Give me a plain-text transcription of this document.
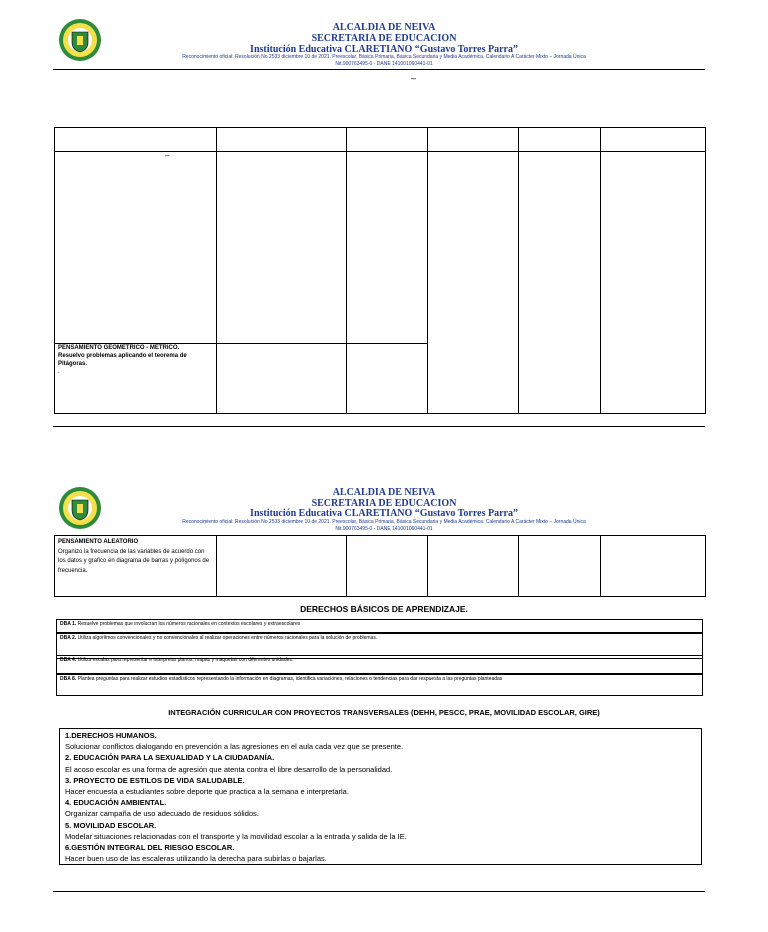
ALCALDIA DE NEIVA
SECRETARIA DE EDUCACION
Institución Educativa CLARETIANO “Gustavo Torres Parra”
Reconocimiento oficial: Resolución No.2533 diciembre 10 de 2021. Preescolar, Básica Primaria, Básica Secundaria y Media Académica. Calendario A Carácter Mixto – Jornada Única
Nit.900763495-0 - DANE 141001060441-01
–

–					

PENSAMIENTO GEOMETRICO - METRICO.
Resuelvo problemas aplicando el teorema de Pitágoras.
.					

ALCALDIA DE NEIVA
SECRETARIA DE EDUCACION
Institución Educativa CLARETIANO “Gustavo Torres Parra”
Reconocimiento oficial: Resolución No.2533 diciembre 10 de 2021. Preescolar, Básica Primaria, Básica Secundaria y Media Académica. Calendario A Carácter Mixto – Jornada Única
Nit.900763495-0 - DANE 141001060441-01
PENSAMIENTO ALEATORIO
Organizo la frecuencia de las variables de acuerdo con los datos y grafico en diagrama de barras y polígonos de frecuencia.

DERECHOS BÁSICOS DE APRENDIZAJE.
DBA 1. Resuelve problemas que involucran los números racionales en contextos escolares y extraescolares
DBA 2. Utiliza algoritmos convencionales y no convencionales al realizar operaciones entre números racionales para la solución de problemas.
DBA 4. Utiliza escalas para representar e interpretar planos, mapas y maquetas con diferentes unidades.
DBA 8. Plantea preguntas para realizar estudios estadísticos representando la información en diagramas, identifica variaciones, relaciones o tendencias para dar respuesta a las preguntas planteadas
INTEGRACIÓN CURRICULAR CON PROYECTOS TRANSVERSALES (DEHH, PESCC, PRAE, MOVILIDAD ESCOLAR, GIRE)
1.DERECHOS HUMANOS.
Solucionar conflictos dialogando en prevención a las agresiones en el aula cada vez que se presente.
2. EDUCACIÓN PARA LA SEXUALIDAD Y LA CIUDADANÍA.
El acoso escolar es una forma de agresión que atenta contra el libre desarrollo de la personalidad.
3. PROYECTO DE ESTILOS DE VIDA SALUDABLE.
Hacer encuesta a estudiantes sobre deporte que practica a la semana e interpretarla.
4. EDUCACIÓN AMBIENTAL.
Organizar campaña de uso adecuado de residuos sólidos.
5. MOVILIDAD ESCOLAR.
Modelar situaciones relacionadas con el transporte y la movilidad escolar a la entrada y salida de la IE.
6.GESTIÓN INTEGRAL DEL RIESGO ESCOLAR.
Hacer buen uso de las escaleras utilizando la derecha para subirlas o bajarlas.
